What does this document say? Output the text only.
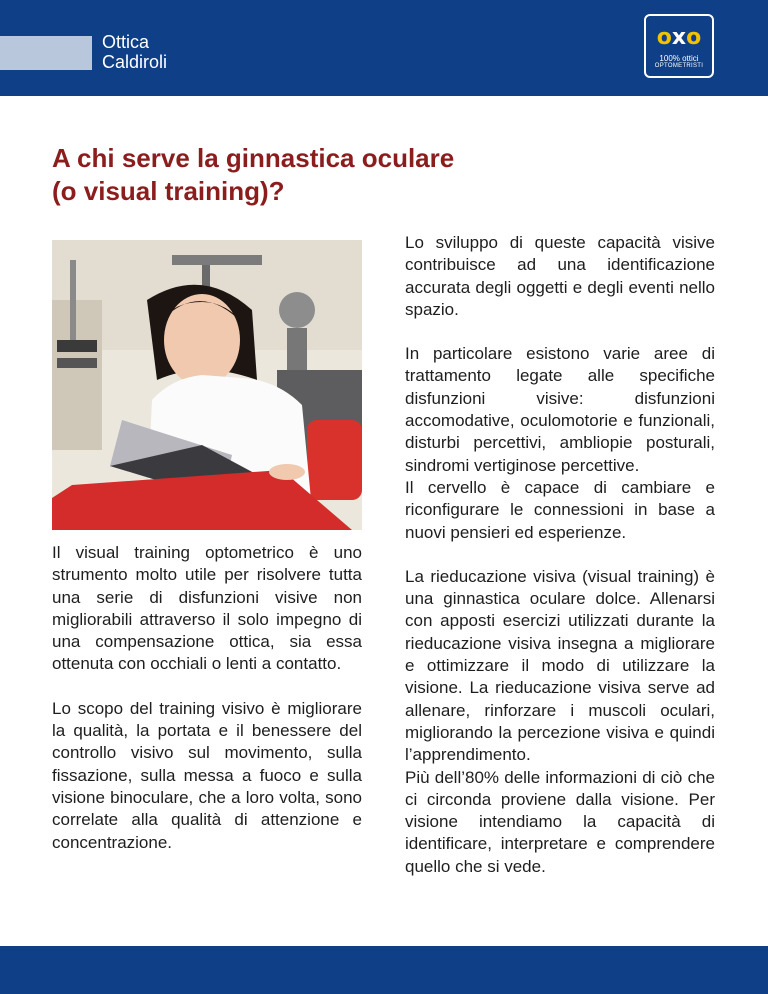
Ottica
Caldiroli
oxo
100% ottici
OPTOMETRISTI
A chi serve la ginnastica oculare
(o visual training)?

Il visual training optometrico è uno strumento molto utile per risolvere tutta una serie di disfunzioni visive non migliorabili attraverso il solo impegno di una compensazione ottica, sia essa ottenuta con occhiali o lenti a contatto.

Lo scopo del training visivo è migliorare la qualità, la portata e il benessere del controllo visivo sul movimento, sulla fissazione, sulla messa a fuoco e sulla visione binoculare, che a loro volta, sono correlate alla qualità di attenzione e concentrazione.

Lo sviluppo di queste capacità visive contribuisce ad una identificazione accurata degli oggetti e degli eventi nello spazio.

In particolare esistono varie aree di trattamento legate alle specifiche disfunzioni visive: disfunzioni accomodative, oculomotorie e funzionali, disturbi percettivi, ambliopie posturali, sindromi vertiginose percettive.

Il cervello è capace di cambiare e riconfigurare le connessioni in base a nuovi pensieri ed esperienze.

La rieducazione visiva (visual training) è una ginnastica oculare dolce. Allenarsi con apposti esercizi utilizzati durante la rieducazione visiva insegna a migliorare e ottimizzare il modo di utilizzare la visione. La rieducazione visiva serve ad allenare, rinforzare i muscoli oculari, migliorando la percezione visiva e quindi l’apprendimento.

Più dell’80% delle informazioni di ciò che ci circonda proviene dalla visione. Per visione intendiamo la capacità di identificare, interpretare e comprendere quello che si vede.
